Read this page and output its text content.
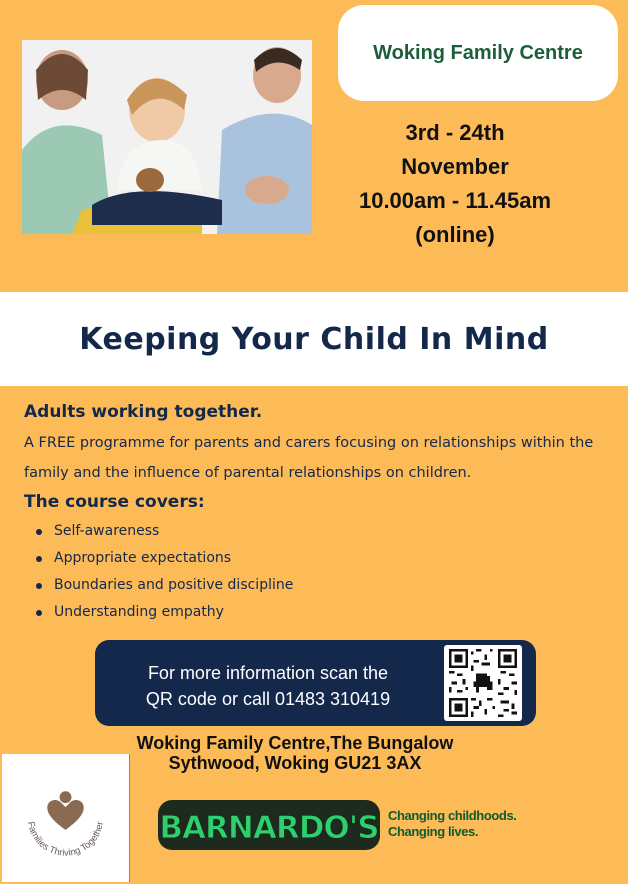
Woking Family Centre
3rd - 24th
November
10.00am - 11.45am
(online)
Keeping Your Child In Mind
Adults working together.
A FREE programme for parents and carers focusing on relationships within the family and the influence of parental relationships on children.
The course covers:
Self-awareness
Appropriate expectations
Boundaries and positive discipline
Understanding empathy
For more information scan the
QR code or call 01483 310419
Woking Family Centre,The Bungalow
Sythwood, Woking GU21 3AX
Families Thriving Together BARNARDO'S Changing childhoods.
Changing lives.
